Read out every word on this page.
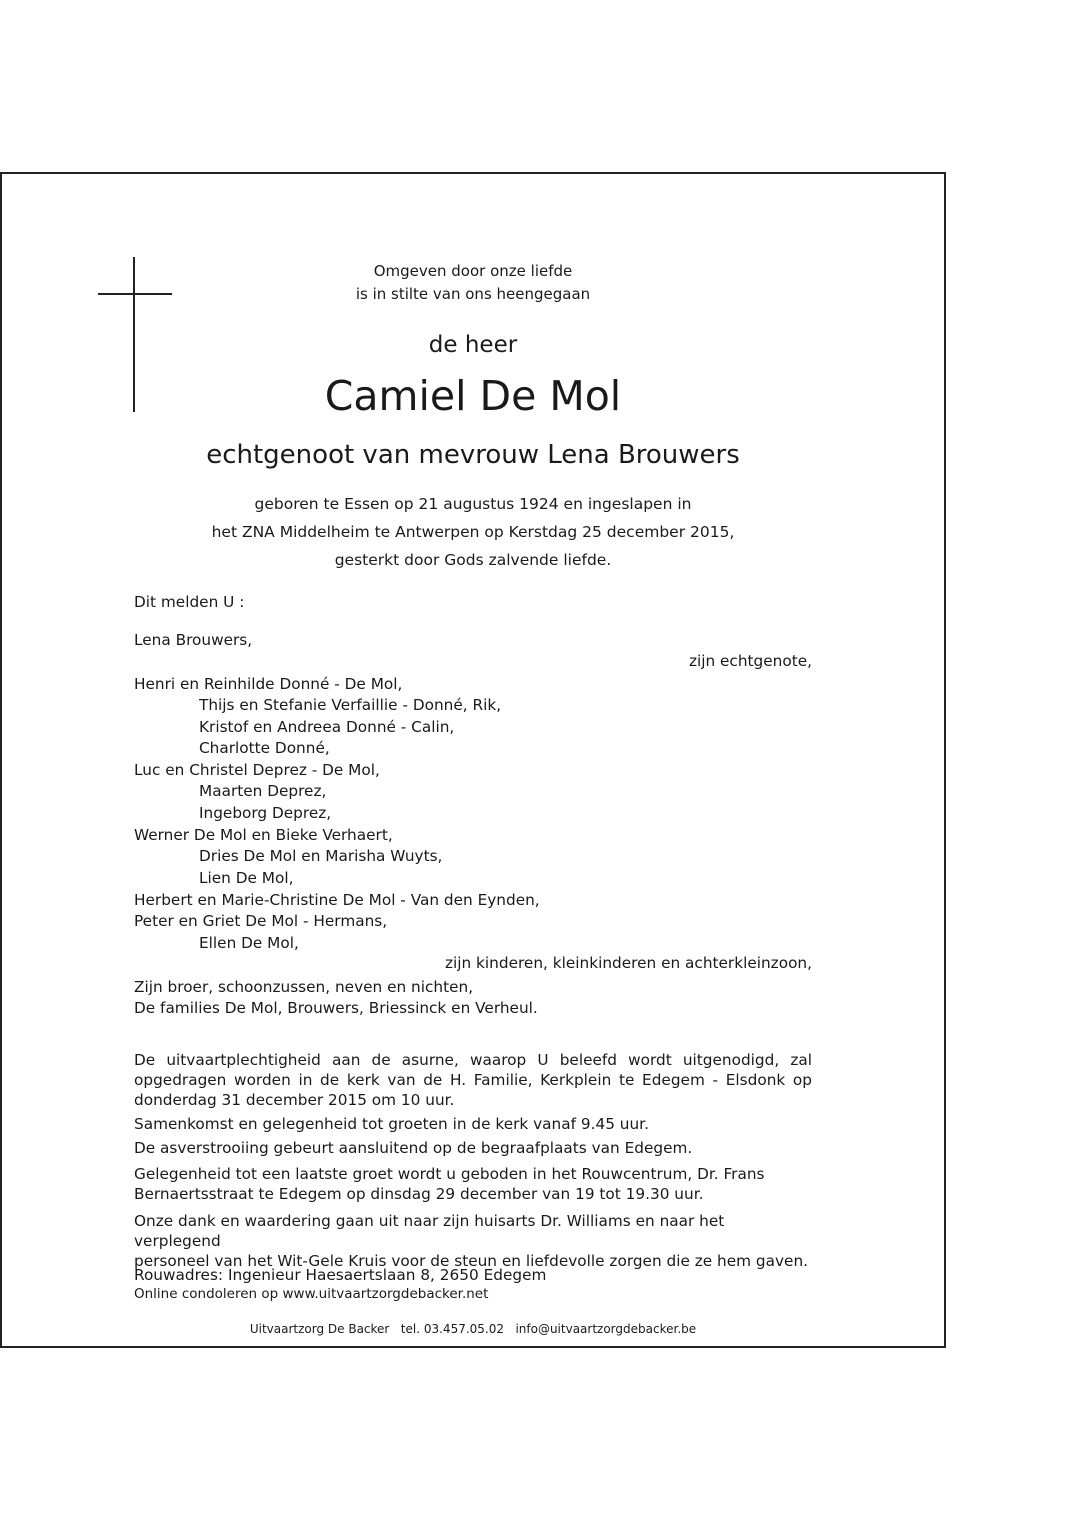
Omgeven door onze liefde
is in stilte van ons heengegaan
de heer
Camiel De Mol
echtgenoot van mevrouw Lena Brouwers
geboren te Essen op 21 augustus 1924 en ingeslapen in
het ZNA Middelheim te Antwerpen op Kerstdag 25 december 2015,
gesterkt door Gods zalvende liefde.
Dit melden U :
Lena Brouwers,
zijn echtgenote,
Henri en Reinhilde Donné - De Mol,
Thijs en Stefanie Verfaillie - Donné, Rik,
Kristof en Andreea Donné - Calin,
Charlotte Donné,
Luc en Christel Deprez - De Mol,
Maarten Deprez,
Ingeborg Deprez,
Werner De Mol en Bieke Verhaert,
Dries De Mol en Marisha Wuyts,
Lien De Mol,
Herbert en Marie-Christine De Mol - Van den Eynden,
Peter en Griet De Mol - Hermans,
Ellen De Mol,
zijn kinderen, kleinkinderen en achterkleinzoon,
Zijn broer, schoonzussen, neven en nichten,
De families De Mol, Brouwers, Briessinck en Verheul.
De uitvaartplechtigheid aan de asurne, waarop U beleefd wordt uitgenodigd, zal opgedragen worden in de kerk van de H. Familie, Kerkplein te Edegem - Elsdonk op donderdag 31 december 2015 om 10 uur.
Samenkomst en gelegenheid tot groeten in de kerk vanaf 9.45 uur.
De asverstrooiing gebeurt aansluitend op de begraafplaats van Edegem.
Gelegenheid tot een laatste groet wordt u geboden in het Rouwcentrum, Dr. Frans
Bernaertsstraat te Edegem op dinsdag 29 december van 19 tot 19.30 uur.
Onze dank en waardering gaan uit naar zijn huisarts Dr. Williams en naar het verplegend
personeel van het Wit-Gele Kruis voor de steun en liefdevolle zorgen die ze hem gaven.
Rouwadres: Ingenieur Haesaertslaan 8, 2650 Edegem
Online condoleren op www.uitvaartzorgdebacker.net
Uitvaartzorg De Backer   tel. 03.457.05.02   info@uitvaartzorgdebacker.be
